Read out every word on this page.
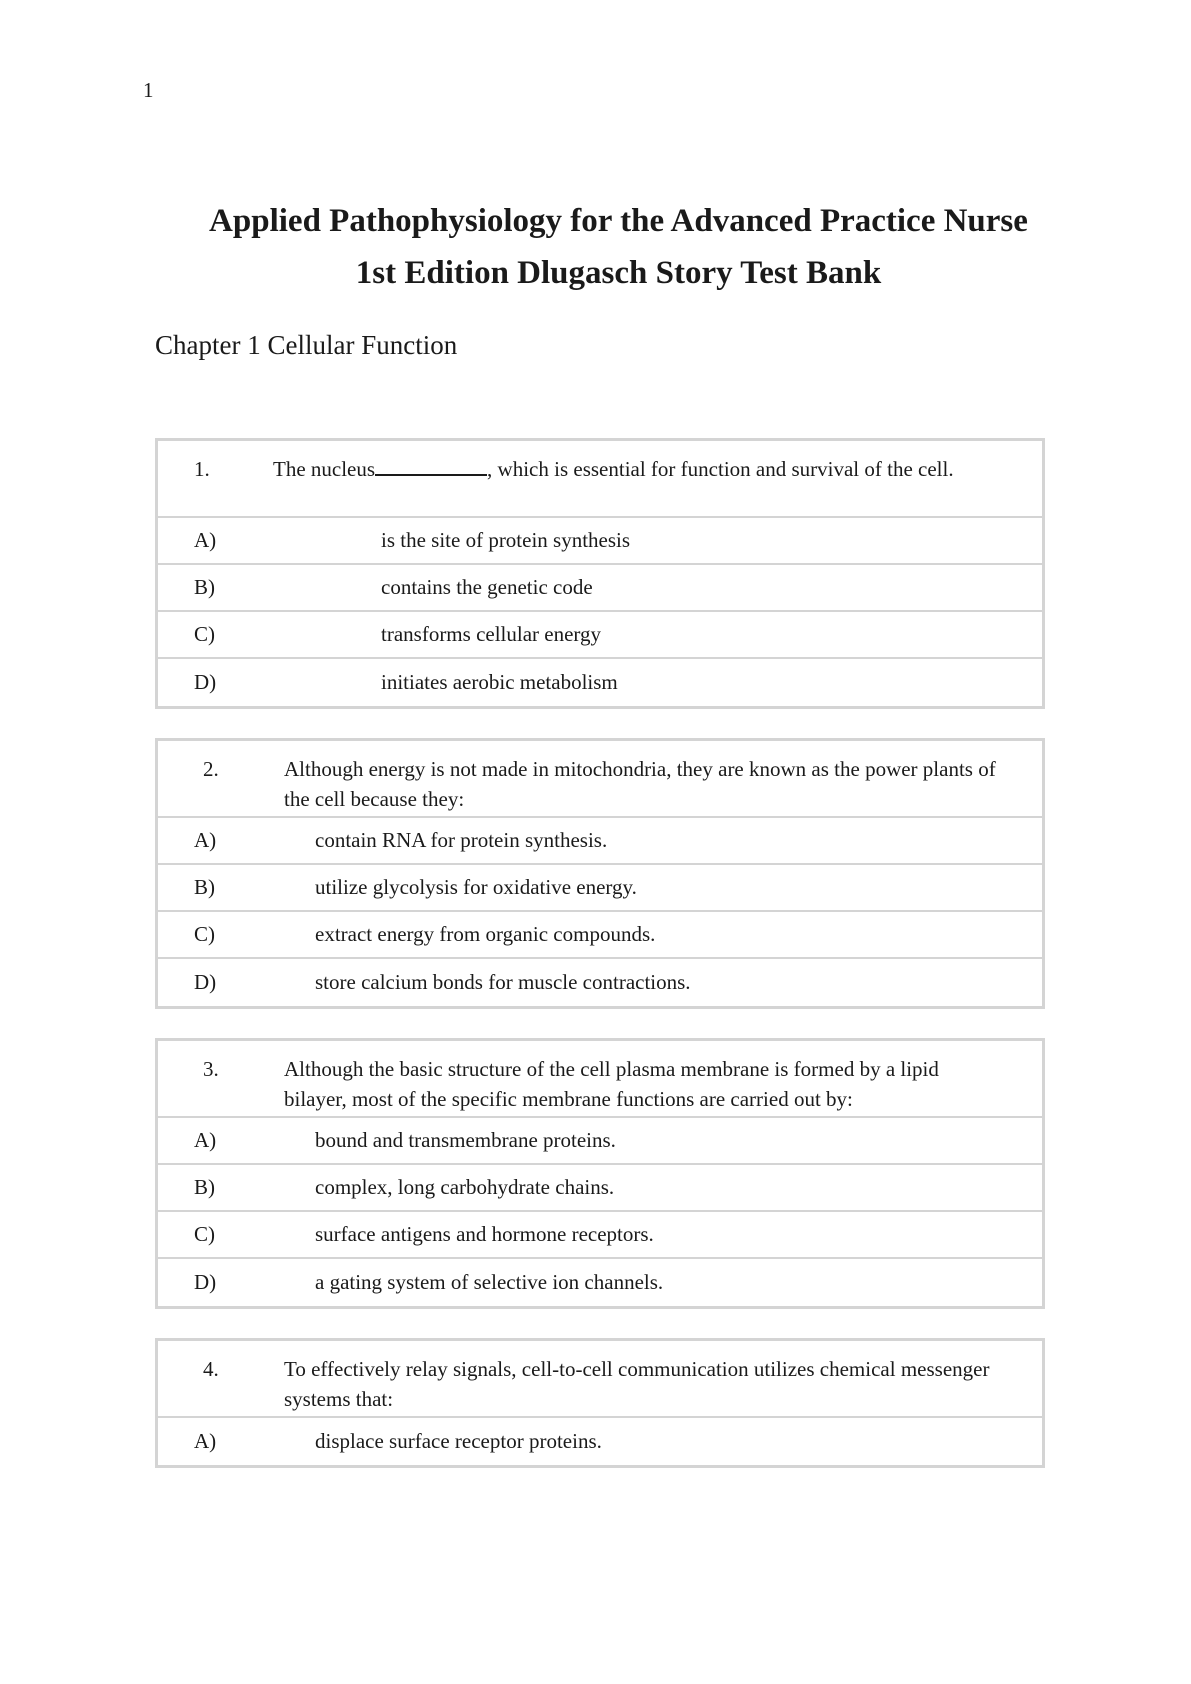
1
Applied Pathophysiology for the Advanced Practice Nurse
1st Edition Dlugasch Story Test Bank
Chapter 1 Cellular Function
1.	The nucleus	, which is essential for function and survival of the cell.
A)	is the site of protein synthesis
B)	contains the genetic code
C)	transforms cellular energy
D)	initiates aerobic metabolism
2.	Although energy is not made in mitochondria, they are known as the power plants of the cell because they:
A)	contain RNA for protein synthesis.
B)	utilize glycolysis for oxidative energy.
C)	extract energy from organic compounds.
D)	store calcium bonds for muscle contractions.
3.	Although the basic structure of the cell plasma membrane is formed by a lipid bilayer, most of the specific membrane functions are carried out by:
A)	bound and transmembrane proteins.
B)	complex, long carbohydrate chains.
C)	surface antigens and hormone receptors.
D)	a gating system of selective ion channels.
4.	To effectively relay signals, cell-to-cell communication utilizes chemical messenger systems that:
A)	displace surface receptor proteins.
